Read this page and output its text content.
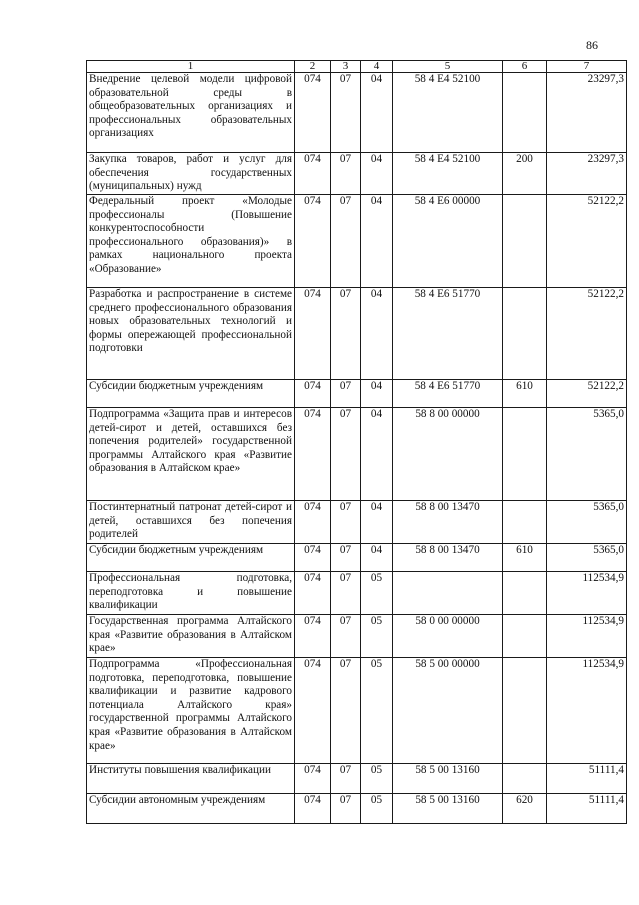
86
1	2	3	4	5	6	7
Внедрение целевой модели цифровой образовательной среды в общеобразовательных организациях и профессиональных образовательных организациях	074	07	04	58 4 E4 52100		23297,3
Закупка товаров, работ и услуг для обеспечения государственных (муниципальных) нужд	074	07	04	58 4 E4 52100	200	23297,3
Федеральный проект «Молодые профессионалы (Повышение конкурентоспособности профессионального образования)» в рамках национального проекта «Образование»	074	07	04	58 4 E6 00000		52122,2
Разработка и распространение в системе среднего профессионального образования новых образовательных технологий и формы опережающей профессиональной подготовки	074	07	04	58 4 E6 51770		52122,2
Субсидии бюджетным учреждениям	074	07	04	58 4 E6 51770	610	52122,2
Подпрограмма «Защита прав и интересов детей-сирот и детей, оставшихся без попечения родителей» государственной программы Алтайского края «Развитие образования в Алтайском крае»	074	07	04	58 8 00 00000		5365,0
Постинтернатный патронат детей-сирот и детей, оставшихся без попечения родителей	074	07	04	58 8 00 13470		5365,0
Субсидии бюджетным учреждениям	074	07	04	58 8 00 13470	610	5365,0
Профессиональная подготовка, переподготовка и повышение квалификации	074	07	05			112534,9
Государственная программа Алтайского края «Развитие образования в Алтайском крае»	074	07	05	58 0 00 00000		112534,9
Подпрограмма «Профессиональная подготовка, переподготовка, повышение квалификации и развитие кадрового потенциала Алтайского края» государственной программы Алтайского края «Развитие образования в Алтайском крае»	074	07	05	58 5 00 00000		112534,9
Институты повышения квалификации	074	07	05	58 5 00 13160		51111,4
Субсидии автономным учреждениям	074	07	05	58 5 00 13160	620	51111,4
